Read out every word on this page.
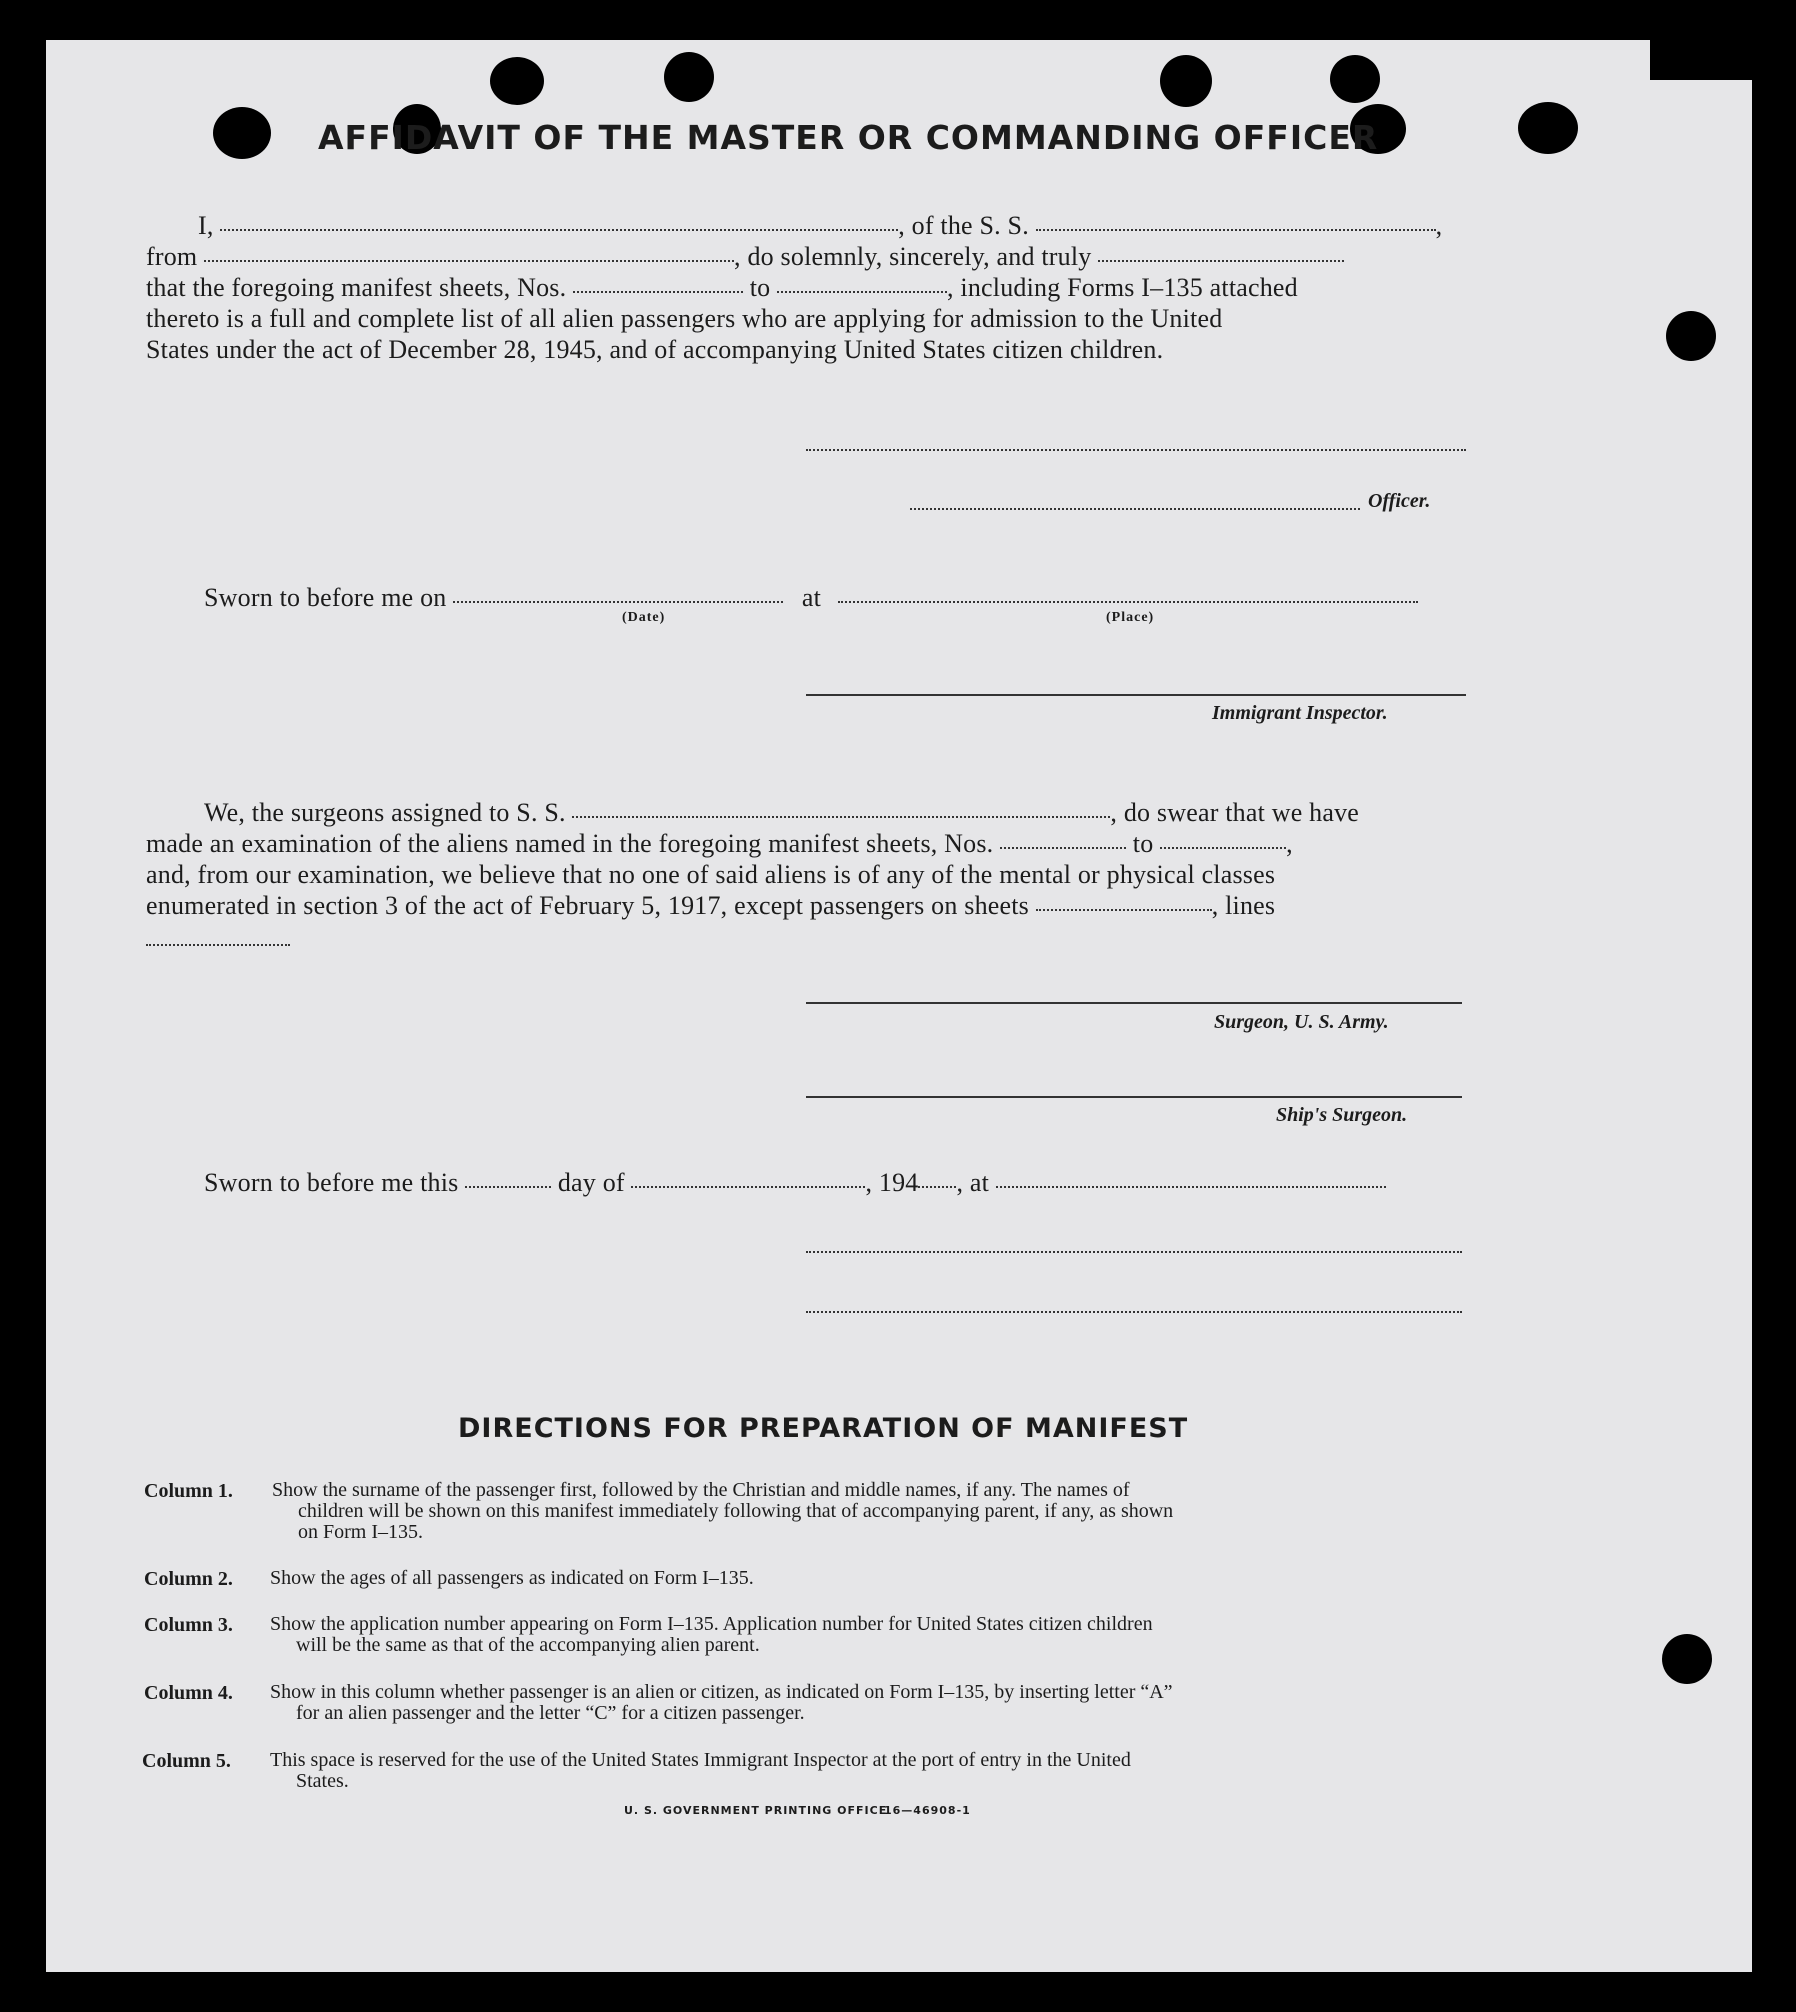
AFFIDAVIT OF THE MASTER OR COMMANDING OFFICER
I,	, of the S. S.	,
from	, do solemnly, sincerely, and truly
that the foregoing manifest sheets, Nos.	to	, including Forms I–135 attached
thereto is a full and complete list of all alien passengers who are applying for admission to the United
States under the act of December 28, 1945, and of accompanying United States citizen children.
Officer.
Sworn to before me on	at
(Date)	(Place)
Immigrant Inspector.
We, the surgeons assigned to S. S.	, do swear that we have
made an examination of the aliens named in the foregoing manifest sheets, Nos.	to	,
and, from our examination, we believe that no one of said aliens is of any of the mental or physical classes
enumerated in section 3 of the act of February 5, 1917, except passengers on sheets	, lines
Surgeon, U. S. Army.
Ship's Surgeon.
Sworn to before me this	day of	, 194 , at
DIRECTIONS FOR PREPARATION OF MANIFEST
Column 1. Show the surname of the passenger first, followed by the Christian and middle names, if any. The names of
children will be shown on this manifest immediately following that of accompanying parent, if any, as shown
on Form I–135.
Column 2. Show the ages of all passengers as indicated on Form I–135.
Column 3. Show the application number appearing on Form I–135. Application number for United States citizen children
will be the same as that of the accompanying alien parent.
Column 4. Show in this column whether passenger is an alien or citizen, as indicated on Form I–135, by inserting letter “A”
for an alien passenger and the letter “C” for a citizen passenger.
Column 5. This space is reserved for the use of the United States Immigrant Inspector at the port of entry in the United
States.
U. S. GOVERNMENT PRINTING OFFICE
16—46908-1
